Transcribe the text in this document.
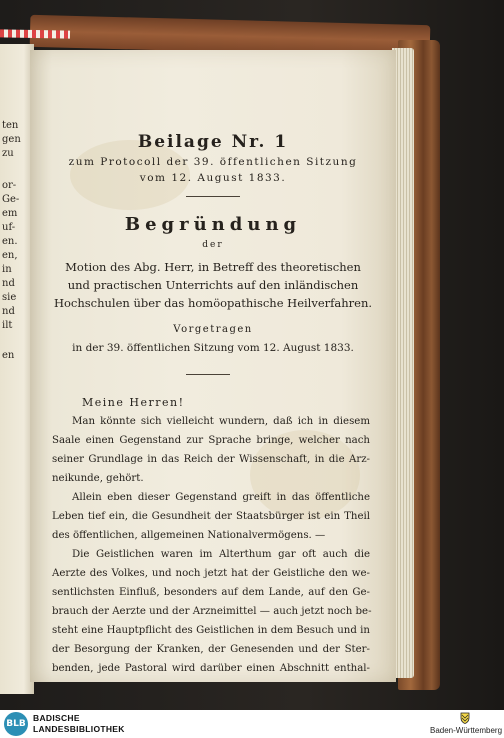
ten
gen
zu
or-
Ge-
em
uf-
en.
en,
in
nd
sie
nd
ilt
en
Beilage Nr. 1
zum Protocoll der 39. öffentlichen Sitzung
vom 12. August 1833.
Begründung
der
Motion des Abg. Herr, in Betreff des theoretischen
und practischen Unterrichts auf den inländischen
Hochschulen über das homöopathische Heilverfahren.
Vorgetragen
in der 39. öffentlichen Sitzung vom 12. August 1833.
Meine Herren!
Man könnte sich vielleicht wundern, daß ich in diesem
Saale einen Gegenstand zur Sprache bringe, welcher nach
seiner Grundlage in das Reich der Wissenschaft, in die Arz-
neikunde, gehört.
Allein eben dieser Gegenstand greift in das öffentliche
Leben tief ein, die Gesundheit der Staatsbürger ist ein Theil
des öffentlichen, allgemeinen Nationalvermögens. —
Die Geistlichen waren im Alterthum gar oft auch die
Aerzte des Volkes, und noch jetzt hat der Geistliche den we-
sentlichsten Einfluß, besonders auf dem Lande, auf den Ge-
brauch der Aerzte und der Arzneimittel — auch jetzt noch be-
steht eine Hauptpflicht des Geistlichen in dem Besuch und in
der Besorgung der Kranken, der Genesenden und der Ster-
benden, jede Pastoral wird darüber einen Abschnitt enthal-
BLB
BADISCHE
LANDESBIBLIOTHEK	Baden-Württemberg
